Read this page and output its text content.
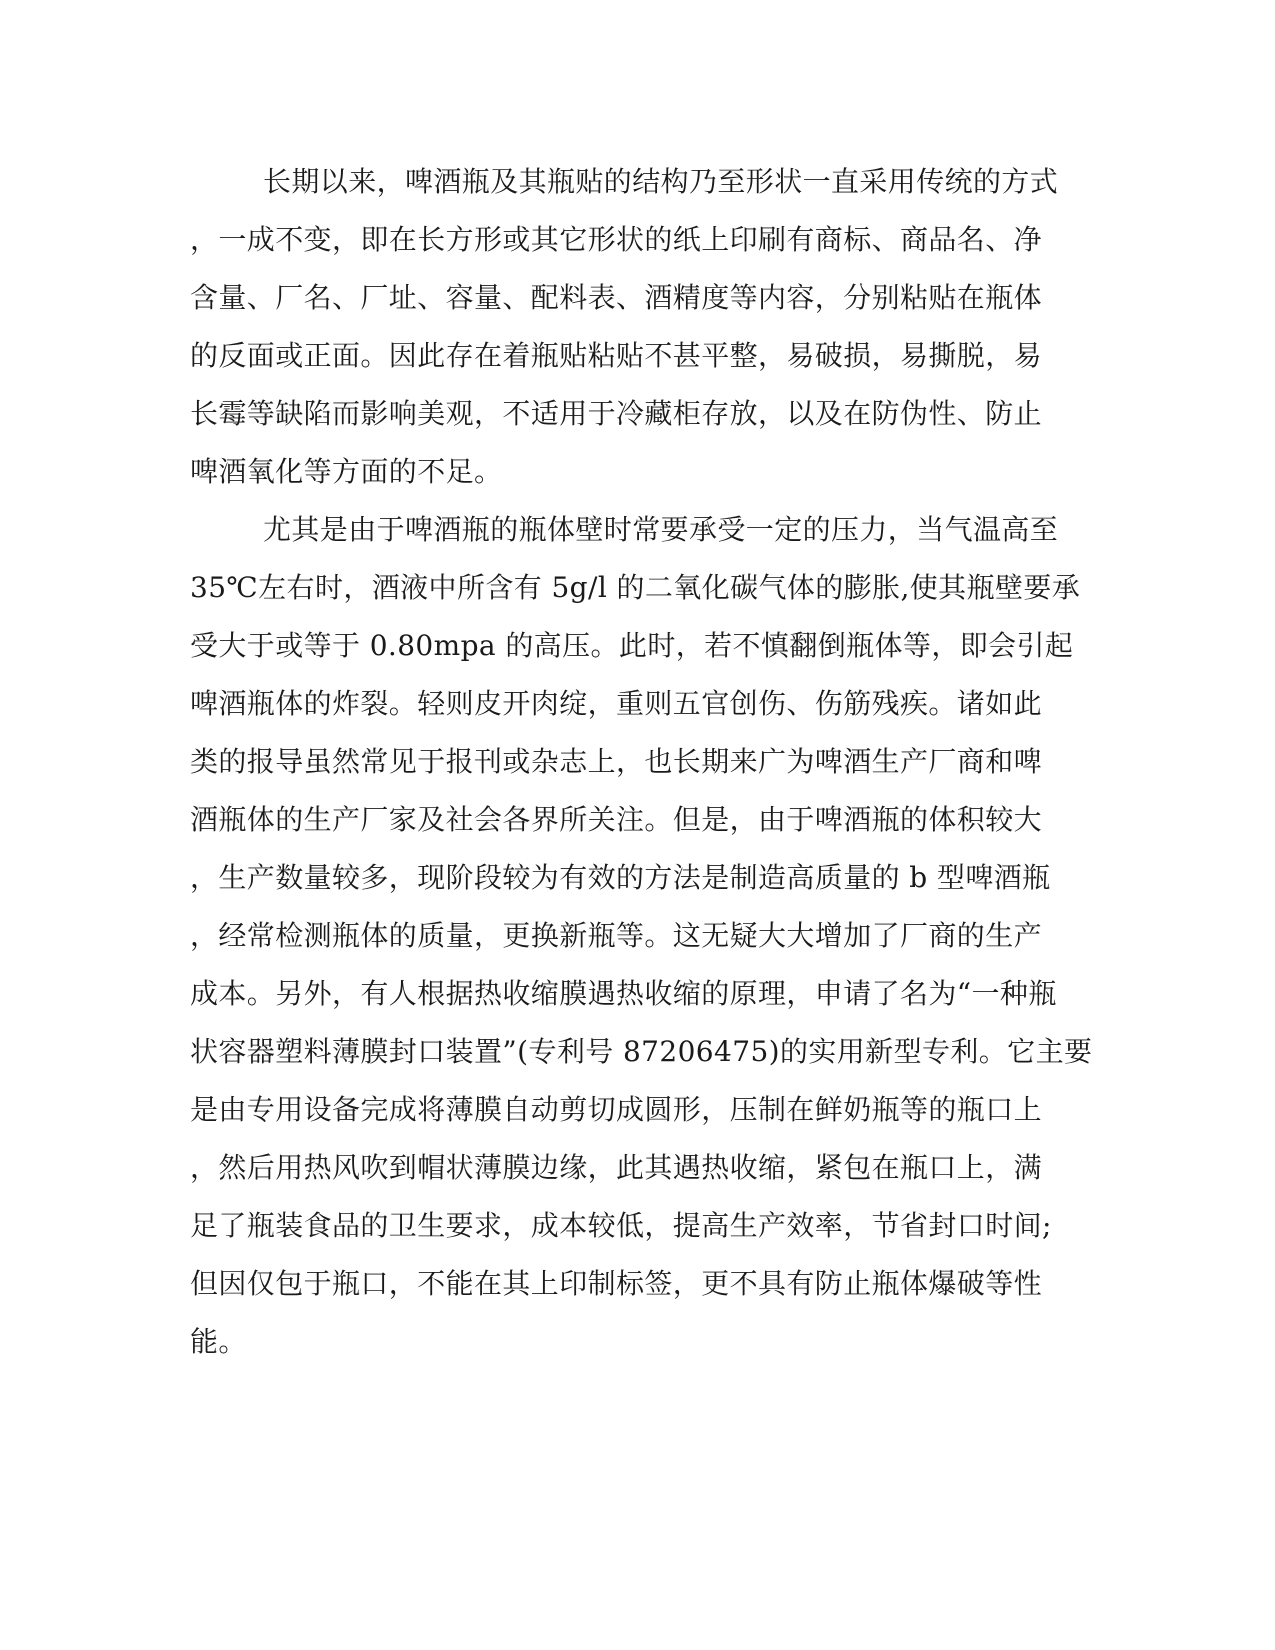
长期以来，啤酒瓶及其瓶贴的结构乃至形状一直采用传统的方式

，一成不变，即在长方形或其它形状的纸上印刷有商标、商品名、净

含量、厂名、厂址、容量、配料表、酒精度等内容，分别粘贴在瓶体

的反面或正面。因此存在着瓶贴粘贴不甚平整，易破损，易撕脱，易

长霉等缺陷而影响美观，不适用于冷藏柜存放，以及在防伪性、防止

啤酒氧化等方面的不足。

尤其是由于啤酒瓶的瓶体壁时常要承受一定的压力，当气温高至

35℃左右时，酒液中所含有 5g/l 的二氧化碳气体的膨胀,使其瓶壁要承

受大于或等于 0.80mpa 的高压。此时，若不慎翻倒瓶体等，即会引起

啤酒瓶体的炸裂。轻则皮开肉绽，重则五官创伤、伤筋残疾。诸如此

类的报导虽然常见于报刊或杂志上，也长期来广为啤酒生产厂商和啤

酒瓶体的生产厂家及社会各界所关注。但是，由于啤酒瓶的体积较大

，生产数量较多，现阶段较为有效的方法是制造高质量的 b 型啤酒瓶

，经常检测瓶体的质量，更换新瓶等。这无疑大大增加了厂商的生产

成本。另外，有人根据热收缩膜遇热收缩的原理，申请了名为“一种瓶

状容器塑料薄膜封口装置”(专利号 87206475)的实用新型专利。它主要

是由专用设备完成将薄膜自动剪切成圆形，压制在鲜奶瓶等的瓶口上

，然后用热风吹到帽状薄膜边缘，此其遇热收缩，紧包在瓶口上，满

足了瓶装食品的卫生要求，成本较低，提高生产效率，节省封口时间;

但因仅包于瓶口，不能在其上印制标签，更不具有防止瓶体爆破等性

能。
